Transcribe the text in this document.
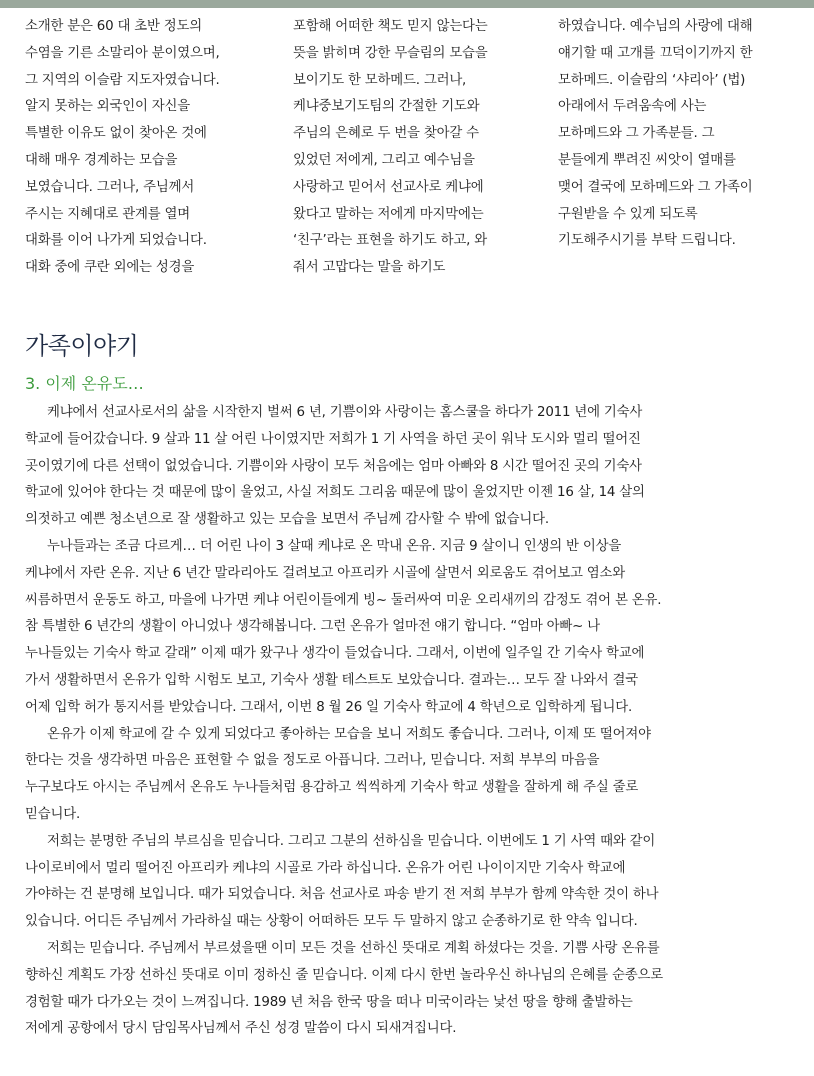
소개한 분은 60 대 초반 정도의
수염을 기른 소말리아 분이였으며,
그 지역의 이슬람 지도자였습니다.
알지 못하는 외국인이 자신을
특별한 이유도 없이 찾아온 것에
대해 매우 경계하는 모습을
보였습니다. 그러나, 주님께서
주시는 지혜대로 관계를 열며
대화를 이어 나가게 되었습니다.
대화 중에 쿠란 외에는 성경을
포함해 어떠한 책도 믿지 않는다는
뜻을 밝히며 강한 무슬림의 모습을
보이기도 한 모하메드. 그러나,
케냐중보기도팀의 간절한 기도와
주님의 은혜로 두 번을 찾아갈 수
있었던 저에게, 그리고 예수님을
사랑하고 믿어서 선교사로 케냐에
왔다고 말하는 저에게 마지막에는
‘친구’라는 표현을 하기도 하고, 와
줘서 고맙다는 말을 하기도
하였습니다. 예수님의 사랑에 대해
얘기할 때 고개를 끄덕이기까지 한
모하메드. 이슬람의 ‘샤리아’ (법)
아래에서 두려움속에 사는
모하메드와 그 가족분들. 그
분들에게 뿌려진 씨앗이 열매를
맺어 결국에 모하메드와 그 가족이
구원받을 수 있게 되도록
기도해주시기를 부탁 드립니다.
가족이야기
3. 이제 온유도…
케냐에서 선교사로서의 삶을 시작한지 벌써 6 년, 기쁨이와 사랑이는 홈스쿨을 하다가 2011 년에 기숙사
학교에 들어갔습니다. 9 살과 11 살 어린 나이였지만 저희가 1 기 사역을 하던 곳이 워낙 도시와 멀리 떨어진
곳이였기에 다른 선택이 없었습니다. 기쁨이와 사랑이 모두 처음에는 엄마 아빠와 8 시간 떨어진 곳의 기숙사
학교에 있어야 한다는 것 때문에 많이 울었고, 사실 저희도 그리움 때문에 많이 울었지만 이젠 16 살, 14 살의
의젓하고 예쁜 청소년으로 잘 생활하고 있는 모습을 보면서 주님께 감사할 수 밖에 없습니다.
누나들과는 조금 다르게… 더 어린 나이 3 살때 케냐로 온 막내 온유. 지금 9 살이니 인생의 반 이상을
케냐에서 자란 온유. 지난 6 년간 말라리아도 걸려보고 아프리카 시골에 살면서 외로움도 겪어보고 염소와
씨름하면서 운동도 하고, 마을에 나가면 케냐 어린이들에게 빙~ 둘러싸여 미운 오리새끼의 감정도 겪어 본 온유.
참 특별한 6 년간의 생활이 아니었나 생각해봅니다. 그런 온유가 얼마전 얘기 합니다. “엄마 아빠~ 나
누나들있는 기숙사 학교 갈래” 이제 때가 왔구나 생각이 들었습니다. 그래서, 이번에 일주일 간 기숙사 학교에
가서 생활하면서 온유가 입학 시험도 보고, 기숙사 생활 테스트도 보았습니다. 결과는… 모두 잘 나와서 결국
어제 입학 허가 통지서를 받았습니다. 그래서, 이번 8 월 26 일 기숙사 학교에 4 학년으로 입학하게 됩니다.
온유가 이제 학교에 갈 수 있게 되었다고 좋아하는 모습을 보니 저희도 좋습니다. 그러나, 이제 또 떨어져야
한다는 것을 생각하면 마음은 표현할 수 없을 정도로 아픕니다. 그러나, 믿습니다. 저희 부부의 마음을
누구보다도 아시는 주님께서 온유도 누나들처럼 용감하고 씩씩하게 기숙사 학교 생활을 잘하게 해 주실 줄로
믿습니다.
저희는 분명한 주님의 부르심을 믿습니다. 그리고 그분의 선하심을 믿습니다. 이번에도 1 기 사역 때와 같이
나이로비에서 멀리 떨어진 아프리카 케냐의 시골로 가라 하십니다. 온유가 어린 나이이지만 기숙사 학교에
가야하는 건 분명해 보입니다. 때가 되었습니다. 처음 선교사로 파송 받기 전 저희 부부가 함께 약속한 것이 하나
있습니다. 어디든 주님께서 가라하실 때는 상황이 어떠하든 모두 두 말하지 않고 순종하기로 한 약속 입니다.
저희는 믿습니다. 주님께서 부르셨을땐 이미 모든 것을 선하신 뜻대로 계획 하셨다는 것을. 기쁨 사랑 온유를
향하신 계획도 가장 선하신 뜻대로 이미 정하신 줄 믿습니다. 이제 다시 한번 놀라우신 하나님의 은혜를 순종으로
경험할 때가 다가오는 것이 느껴집니다. 1989 년 처음 한국 땅을 떠나 미국이라는 낯선 땅을 향해 출발하는
저에게 공항에서 당시 담임목사님께서 주신 성경 말씀이 다시 되새겨집니다.
